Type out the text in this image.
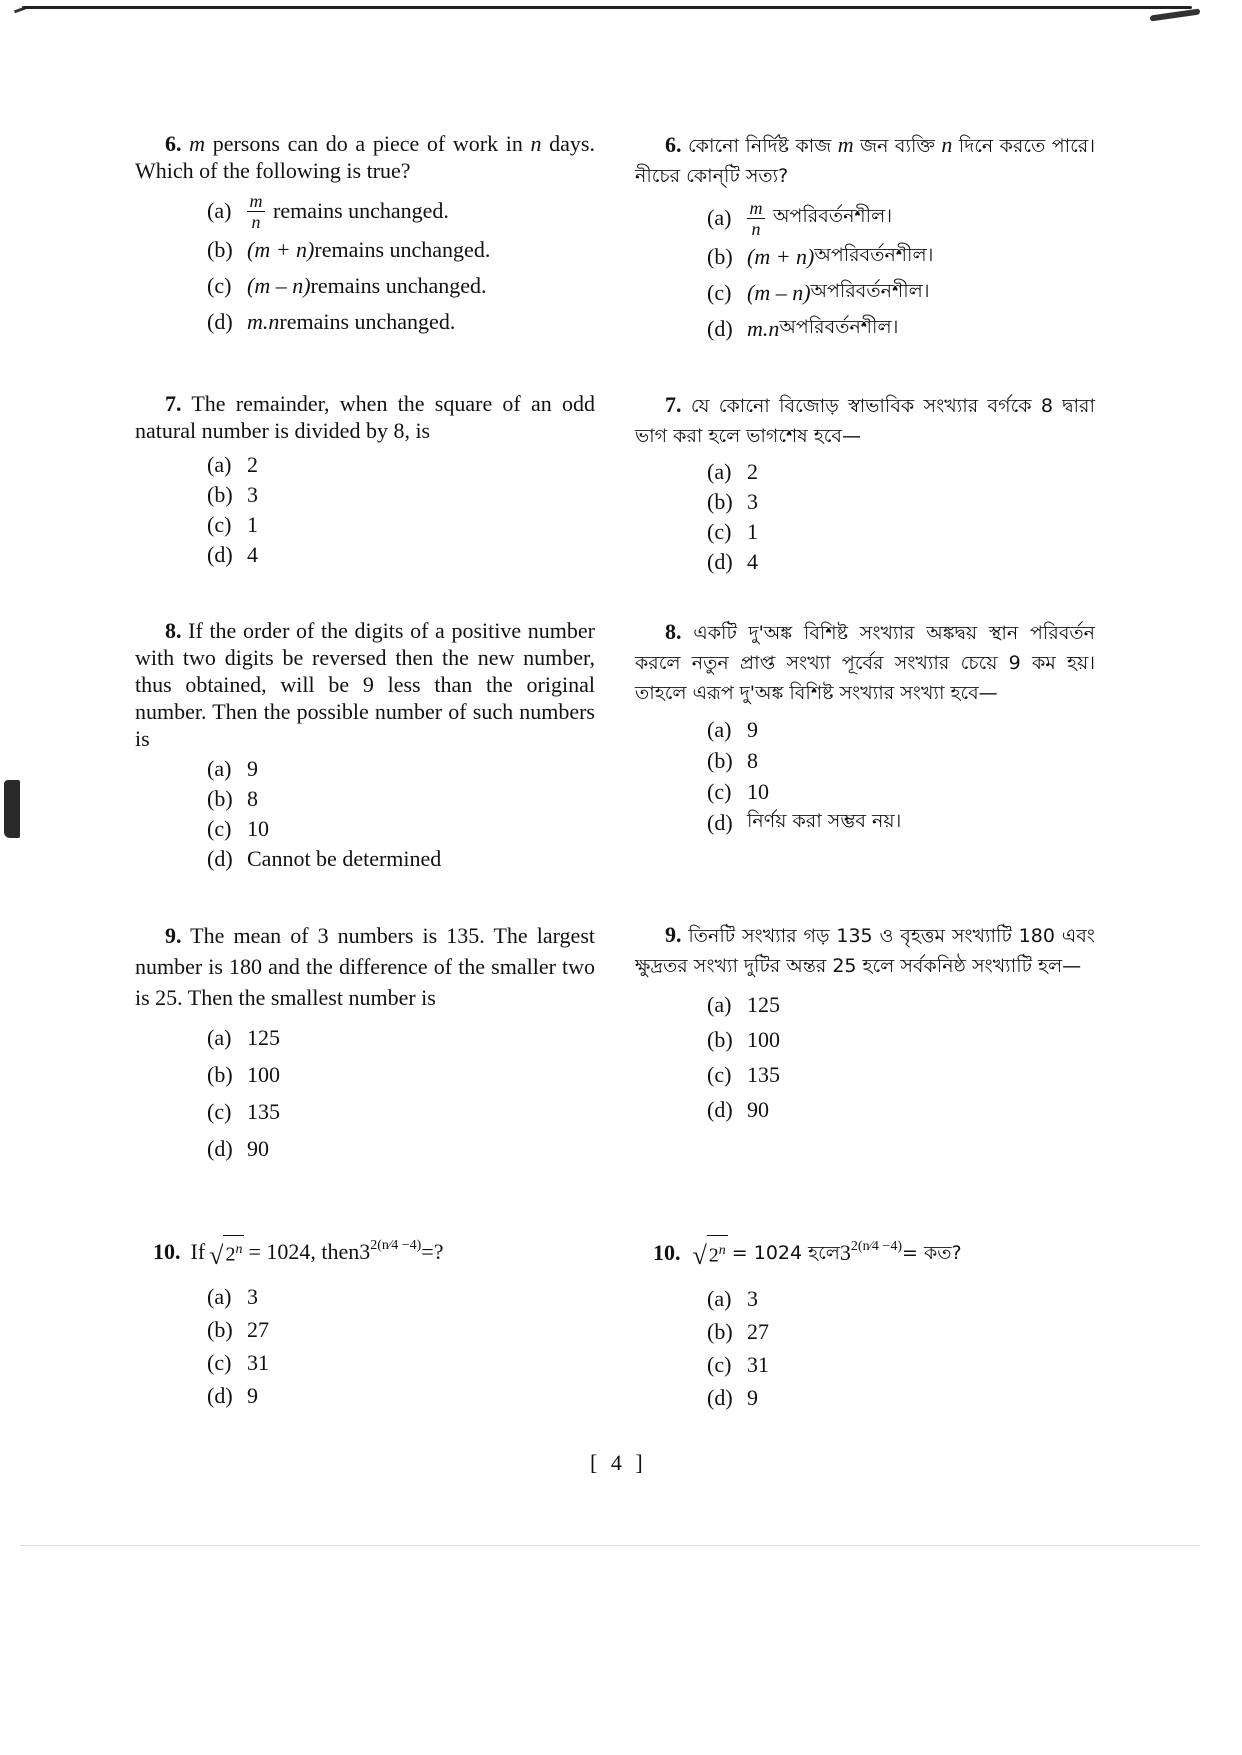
6. m persons can do a piece of work in n days. Which of the following is true?

$(a) \frac{m}{n}$ remains unchanged.
(b) (m + n) remains unchanged.
(c) (m – n) remains unchanged.
(d) m.n remains unchanged.

7. The remainder, when the square of an odd natural number is divided by 8, is

(a) 2
(b) 3
(c) 1
(d) 4

8. If the order of the digits of a positive number with two digits be reversed then the new number, thus obtained, will be 9 less than the original number. Then the possible number of such numbers is

(a) 9
(b) 8
(c) 10
(d) Cannot be determined

9. The mean of 3 numbers is 135. The largest number is 180 and the difference of the smaller two is 25. Then the smallest number is

(a) 125
(b) 100
(c) 135
(d) 90
10. If √ $2^n = 1024$, then $3^{2(n⁄4 -4)}$ =?
(a) 3
(b) 27
(c) 31
(d) 9

6. কোনো নির্দিষ্ট কাজ m জন ব্যক্তি n দিনে করতে পারে। নীচের কোন্‌টি সত্য?

$(a) \frac{m}{n}$ অপরিবর্তনশীল।
(b) (m + n) অপরিবর্তনশীল।
(c) (m – n) অপরিবর্তনশীল।
(d) m.n অপরিবর্তনশীল।

7. যে কোনো বিজোড় স্বাভাবিক সংখ্যার বর্গকে 8 দ্বারা ভাগ করা হলে ভাগশেষ হবে—

(a) 2
(b) 3
(c) 1
(d) 4

8. একটি দু'অঙ্ক বিশিষ্ট সংখ্যার অঙ্কদ্বয় স্থান পরিবর্তন করলে নতুন প্রাপ্ত সংখ্যা পূর্বের সংখ্যার চেয়ে 9 কম হয়। তাহলে এরূপ দু'অঙ্ক বিশিষ্ট সংখ্যার সংখ্যা হবে—

(a) 9
(b) 8
(c) 10
(d) নির্ণয় করা সম্ভব নয়।

9. তিনটি সংখ্যার গড় 135 ও বৃহত্তম সংখ্যাটি 180 এবং ক্ষুদ্রতর সংখ্যা দুটির অন্তর 25 হলে সর্বকনিষ্ঠ সংখ্যাটি হল—

(a) 125
(b) 100
(c) 135
(d) 90
10. √ $2^n = 1024$ হলে $3^{2(n⁄4 -4)}$ = কত?
(a) 3
(b) 27
(c) 31
(d) 9
[ 4 ]
